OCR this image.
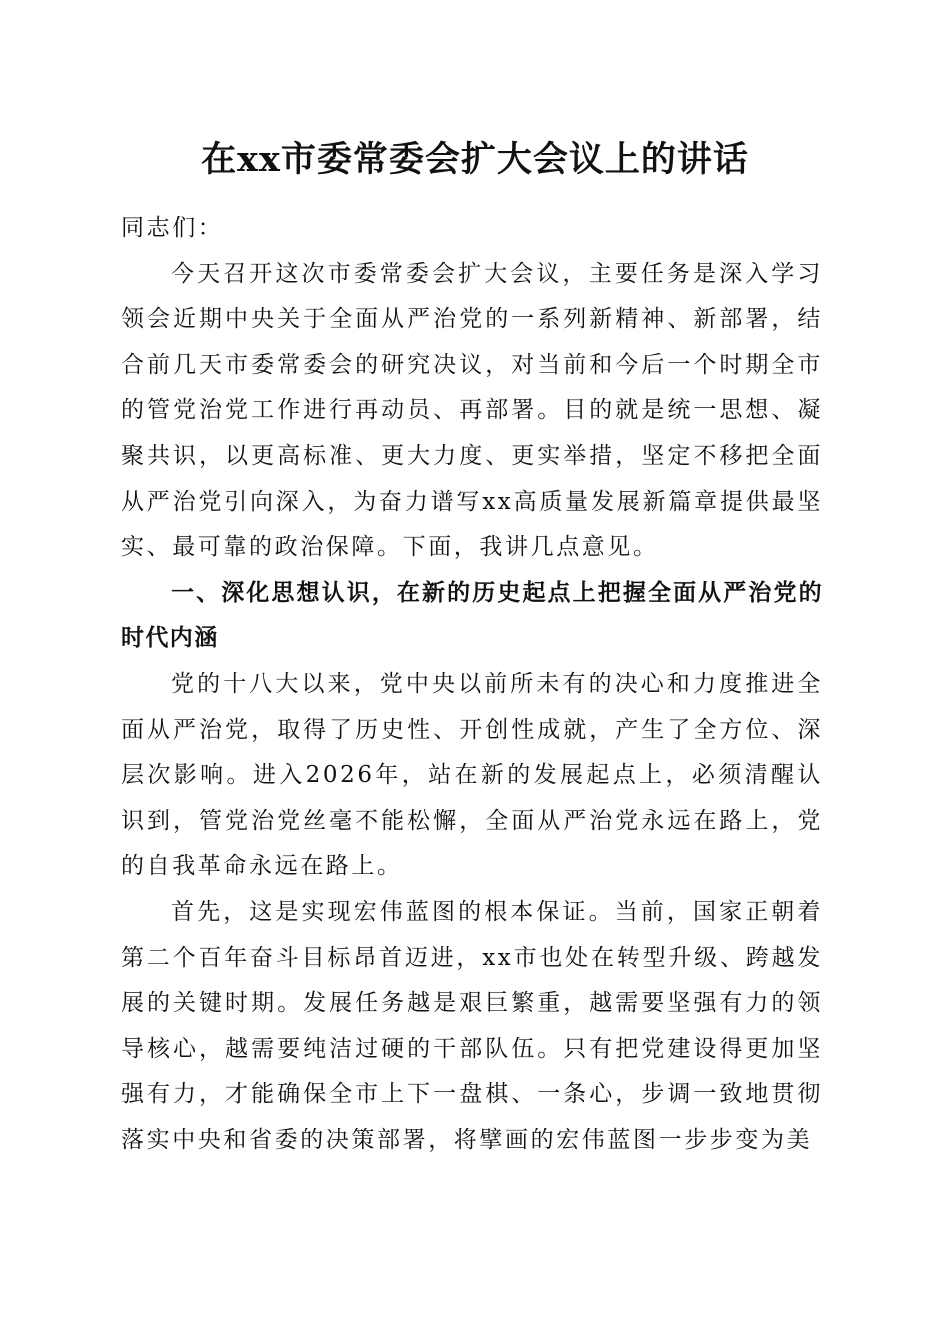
在xx市委常委会扩大会议上的讲话

同志们：

今天召开这次市委常委会扩大会议，主要任务是深入学习领会近期中央关于全面从严治党的一系列新精神、新部署，结合前几天市委常委会的研究决议，对当前和今后一个时期全市的管党治党工作进行再动员、再部署。目的就是统一思想、凝聚共识，以更高标准、更大力度、更实举措，坚定不移把全面从严治党引向深入，为奋力谱写xx高质量发展新篇章提供最坚实、最可靠的政治保障。下面，我讲几点意见。

一、深化思想认识，在新的历史起点上把握全面从严治党的时代内涵

党的十八大以来，党中央以前所未有的决心和力度推进全面从严治党，取得了历史性、开创性成就，产生了全方位、深层次影响。进入2026年，站在新的发展起点上，必须清醒认识到，管党治党丝毫不能松懈，全面从严治党永远在路上，党的自我革命永远在路上。

首先，这是实现宏伟蓝图的根本保证。当前，国家正朝着第二个百年奋斗目标昂首迈进，xx市也处在转型升级、跨越发展的关键时期。发展任务越是艰巨繁重，越需要坚强有力的领导核心，越需要纯洁过硬的干部队伍。只有把党建设得更加坚强有力，才能确保全市上下一盘棋、一条心，步调一致地贯彻落实中央和省委的决策部署，将擘画的宏伟蓝图一步步变为美
